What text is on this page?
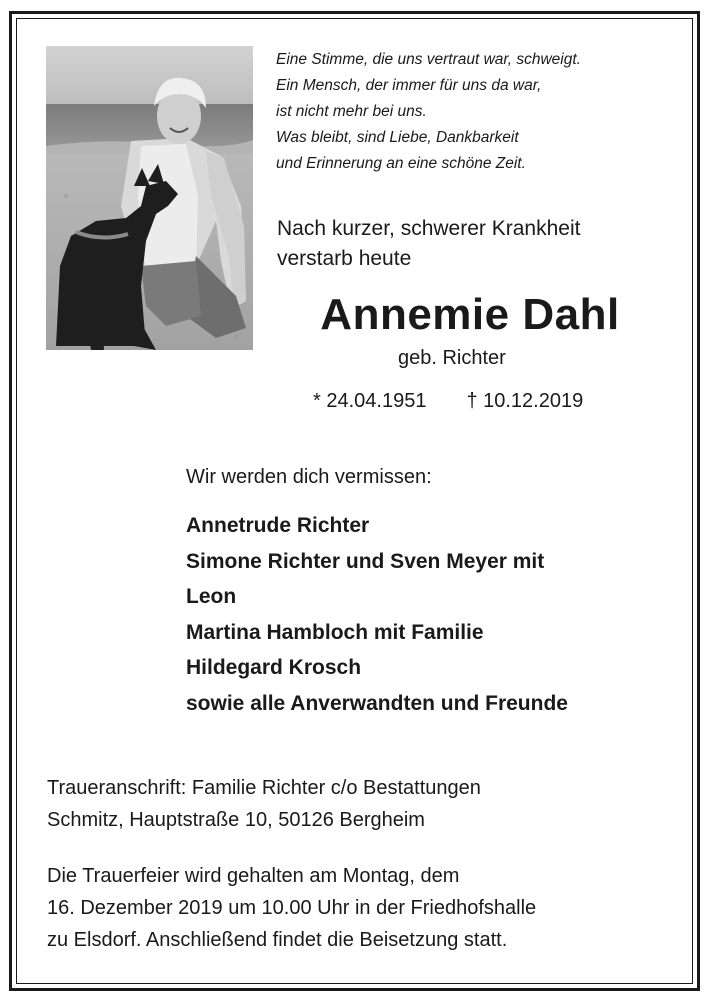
Eine Stimme, die uns vertraut war, schweigt.
Ein Mensch, der immer für uns da war,
ist nicht mehr bei uns.
Was bleibt, sind Liebe, Dankbarkeit
und Erinnerung an eine schöne Zeit.
Nach kurzer, schwerer Krankheit
verstarb heute
Annemie Dahl
geb. Richter
* 24.04.1951 † 10.12.2019
Wir werden dich vermissen:
Annetrude Richter
Simone Richter und Sven Meyer mit
Leon
Martina Hambloch mit Familie
Hildegard Krosch
sowie alle Anverwandten und Freunde
Traueranschrift: Familie Richter c/o Bestattungen
Schmitz, Hauptstraße 10, 50126 Bergheim
Die Trauerfeier wird gehalten am Montag, dem
16. Dezember 2019 um 10.00 Uhr in der Friedhofshalle
zu Elsdorf. Anschließend findet die Beisetzung statt.
